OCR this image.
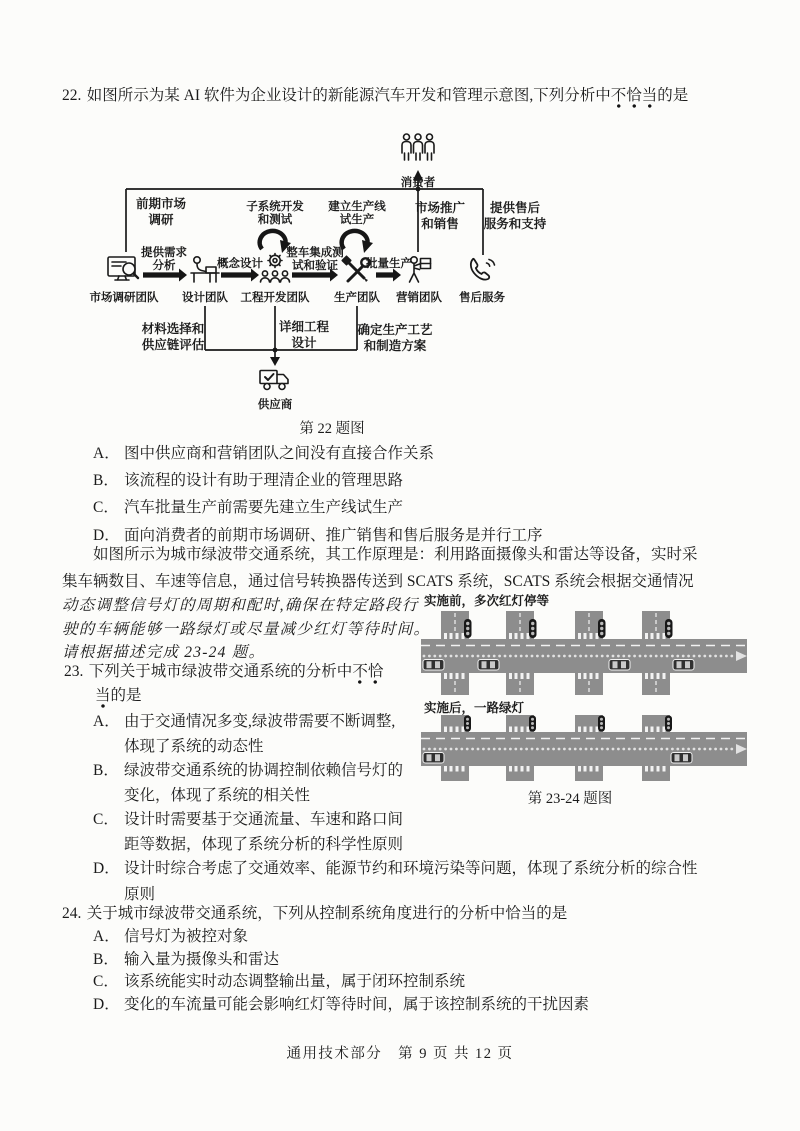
22. 如图所示为某 AI 软件为企业设计的新能源汽车开发和管理示意图,下列分析中不恰当的是
消费者
前期市场
调研
市场调研团队
提供需求
分析
设计团队
概念设计
工程开发团队
子系统开发
和测试
整车集成测
试和验证
生产团队
建立生产线
试生产
批量生产
营销团队
市场推广
和销售
售后服务
提供售后
服务和支持
材料选择和
供应链评估
详细工程
设计
确定生产工艺
和制造方案
供应商
第 22 题图
A． 图中供应商和营销团队之间没有直接合作关系
B． 该流程的设计有助于理清企业的管理思路
C． 汽车批量生产前需要先建立生产线试生产
D． 面向消费者的前期市场调研、推广销售和售后服务是并行工序
如图所示为城市绿波带交通系统，其工作原理是：利用路面摄像头和雷达等设备，实时采
集车辆数目、车速等信息，通过信号转换器传送到 SCATS 系统，SCATS 系统会根据交通情况
动态调整信号灯的周期和配时,确保在特定路段行
驶的车辆能够一路绿灯或尽量减少红灯等待时间。
请根据描述完成 23-24 题。
实施前，多次红灯停等
实施后，一路绿灯
第 23-24 题图
23. 下列关于城市绿波带交通系统的分析中不恰
当的是
A． 由于交通情况多变,绿波带需要不断调整,
体现了系统的动态性
B． 绿波带交通系统的协调控制依赖信号灯的
变化，体现了系统的相关性
C． 设计时需要基于交通流量、车速和路口间
距等数据，体现了系统分析的科学性原则
D． 设计时综合考虑了交通效率、能源节约和环境污染等问题，体现了系统分析的综合性
原则
24. 关于城市绿波带交通系统，下列从控制系统角度进行的分析中恰当的是
A． 信号灯为被控对象
B． 输入量为摄像头和雷达
C． 该系统能实时动态调整输出量，属于闭环控制系统
D． 变化的车流量可能会影响红灯等待时间，属于该控制系统的干扰因素
通用技术部分　第 9 页 共 12 页
